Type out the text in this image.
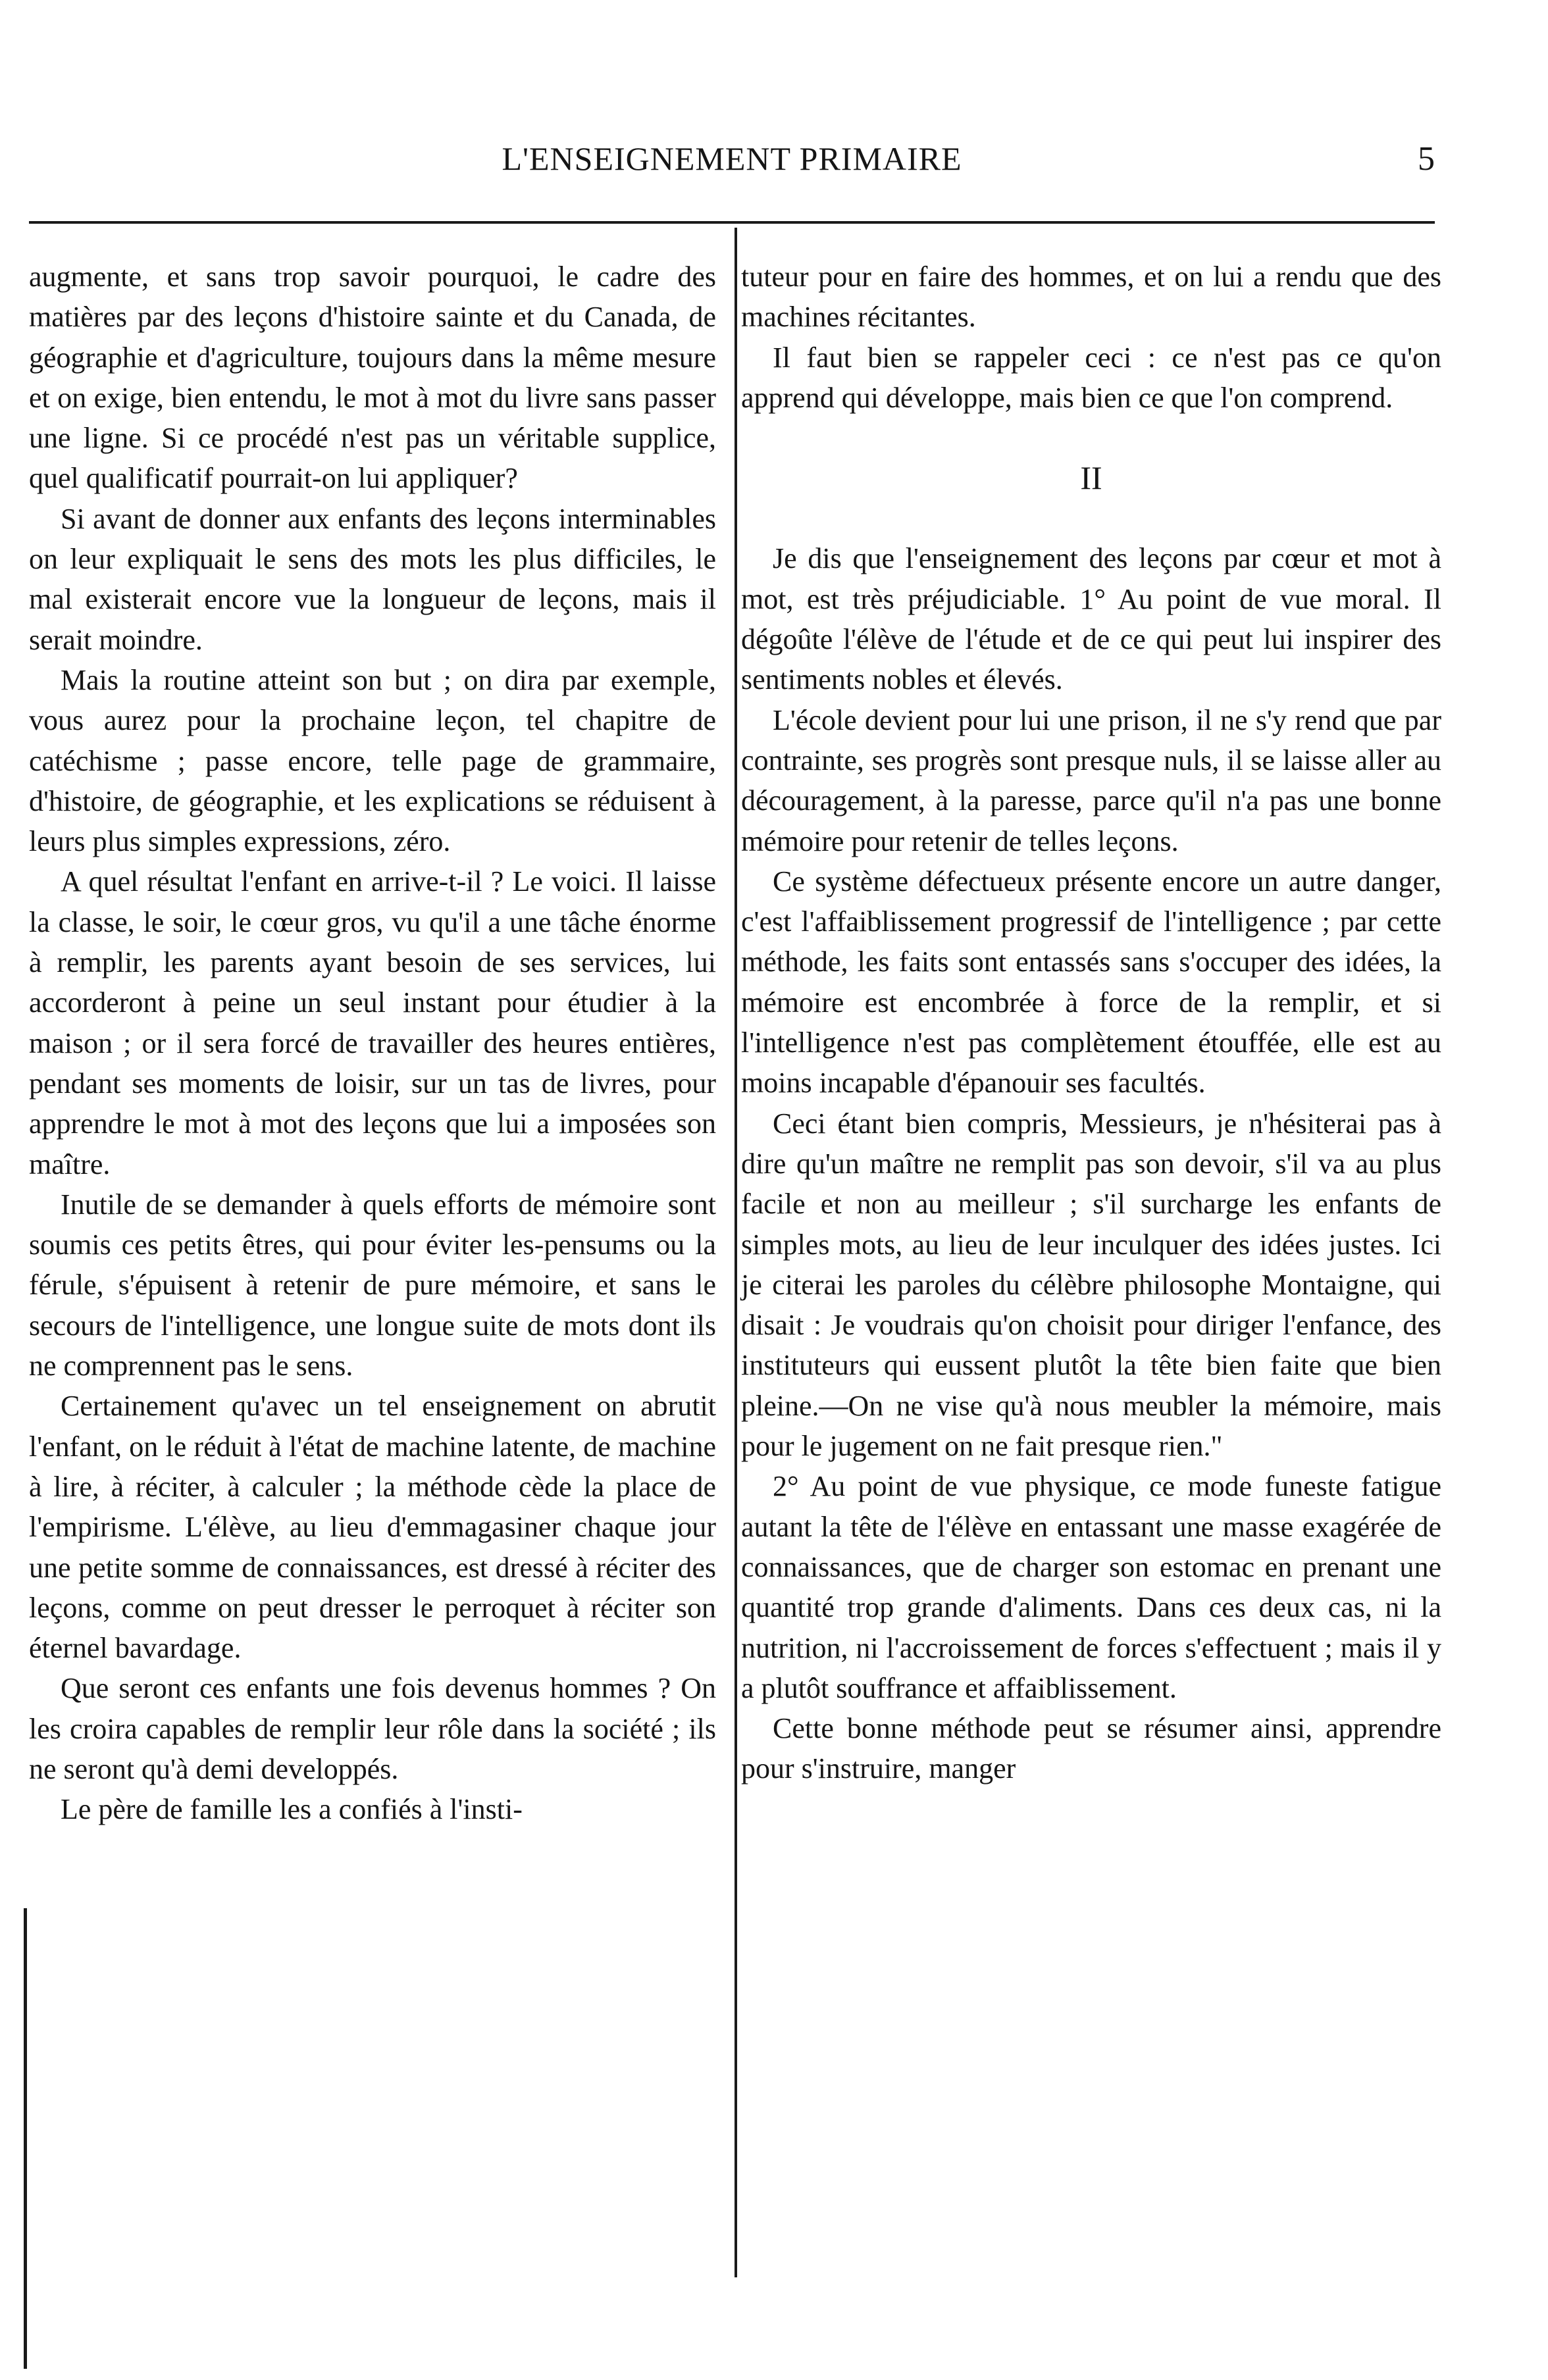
L'ENSEIGNEMENT PRIMAIRE	5

augmente, et sans trop savoir pourquoi, le cadre des matières par des leçons d'histoire sainte et du Canada, de géographie et d'agriculture, toujours dans la même mesure et on exige, bien entendu, le mot à mot du livre sans passer une ligne. Si ce procédé n'est pas un véritable supplice, quel qualificatif pourrait-on lui appliquer?

Si avant de donner aux enfants des leçons interminables on leur expliquait le sens des mots les plus difficiles, le mal existerait encore vue la longueur de leçons, mais il serait moindre.

Mais la routine atteint son but ; on dira par exemple, vous aurez pour la prochaine leçon, tel chapitre de catéchisme ; passe encore, telle page de grammaire, d'histoire, de géographie, et les explications se réduisent à leurs plus simples expressions, zéro.

A quel résultat l'enfant en arrive-t-il ? Le voici. Il laisse la classe, le soir, le cœur gros, vu qu'il a une tâche énorme à remplir, les parents ayant besoin de ses services, lui accorderont à peine un seul instant pour étudier à la maison ; or il sera forcé de travailler des heures entières, pendant ses moments de loisir, sur un tas de livres, pour apprendre le mot à mot des leçons que lui a imposées son maître.

Inutile de se demander à quels efforts de mémoire sont soumis ces petits êtres, qui pour éviter les-pensums ou la férule, s'épuisent à retenir de pure mémoire, et sans le secours de l'intelligence, une longue suite de mots dont ils ne comprennent pas le sens.

Certainement qu'avec un tel enseignement on abrutit l'enfant, on le réduit à l'état de machine latente, de machine à lire, à réciter, à calculer ; la méthode cède la place de l'empirisme. L'élève, au lieu d'emmagasiner chaque jour une petite somme de connaissances, est dressé à réciter des leçons, comme on peut dresser le perroquet à réciter son éternel bavardage.

Que seront ces enfants une fois devenus hommes ? On les croira capables de remplir leur rôle dans la société ; ils ne seront qu'à demi developpés.

Le père de famille les a confiés à l'insti-

tuteur pour en faire des hommes, et on lui a rendu que des machines récitantes.

Il faut bien se rappeler ceci : ce n'est pas ce qu'on apprend qui développe, mais bien ce que l'on comprend.

II

Je dis que l'enseignement des leçons par cœur et mot à mot, est très préjudiciable. 1° Au point de vue moral. Il dégoûte l'élève de l'étude et de ce qui peut lui inspirer des sentiments nobles et élevés.

L'école devient pour lui une prison, il ne s'y rend que par contrainte, ses progrès sont presque nuls, il se laisse aller au découragement, à la paresse, parce qu'il n'a pas une bonne mémoire pour retenir de telles leçons.

Ce système défectueux présente encore un autre danger, c'est l'affaiblissement progressif de l'intelligence ; par cette méthode, les faits sont entassés sans s'occuper des idées, la mémoire est encombrée à force de la remplir, et si l'intelligence n'est pas complètement étouffée, elle est au moins incapable d'épanouir ses facultés.

Ceci étant bien compris, Messieurs, je n'hésiterai pas à dire qu'un maître ne remplit pas son devoir, s'il va au plus facile et non au meilleur ; s'il surcharge les enfants de simples mots, au lieu de leur inculquer des idées justes. Ici je citerai les paroles du célèbre philosophe Montaigne, qui disait : Je voudrais qu'on choisit pour diriger l'enfance, des instituteurs qui eussent plutôt la tête bien faite que bien pleine.—On ne vise qu'à nous meubler la mémoire, mais pour le jugement on ne fait presque rien."

2° Au point de vue physique, ce mode funeste fatigue autant la tête de l'élève en entassant une masse exagérée de connaissances, que de charger son estomac en prenant une quantité trop grande d'aliments. Dans ces deux cas, ni la nutrition, ni l'accroissement de forces s'effectuent ; mais il y a plutôt souffrance et affaiblissement.

Cette bonne méthode peut se résumer ainsi, apprendre pour s'instruire, manger
